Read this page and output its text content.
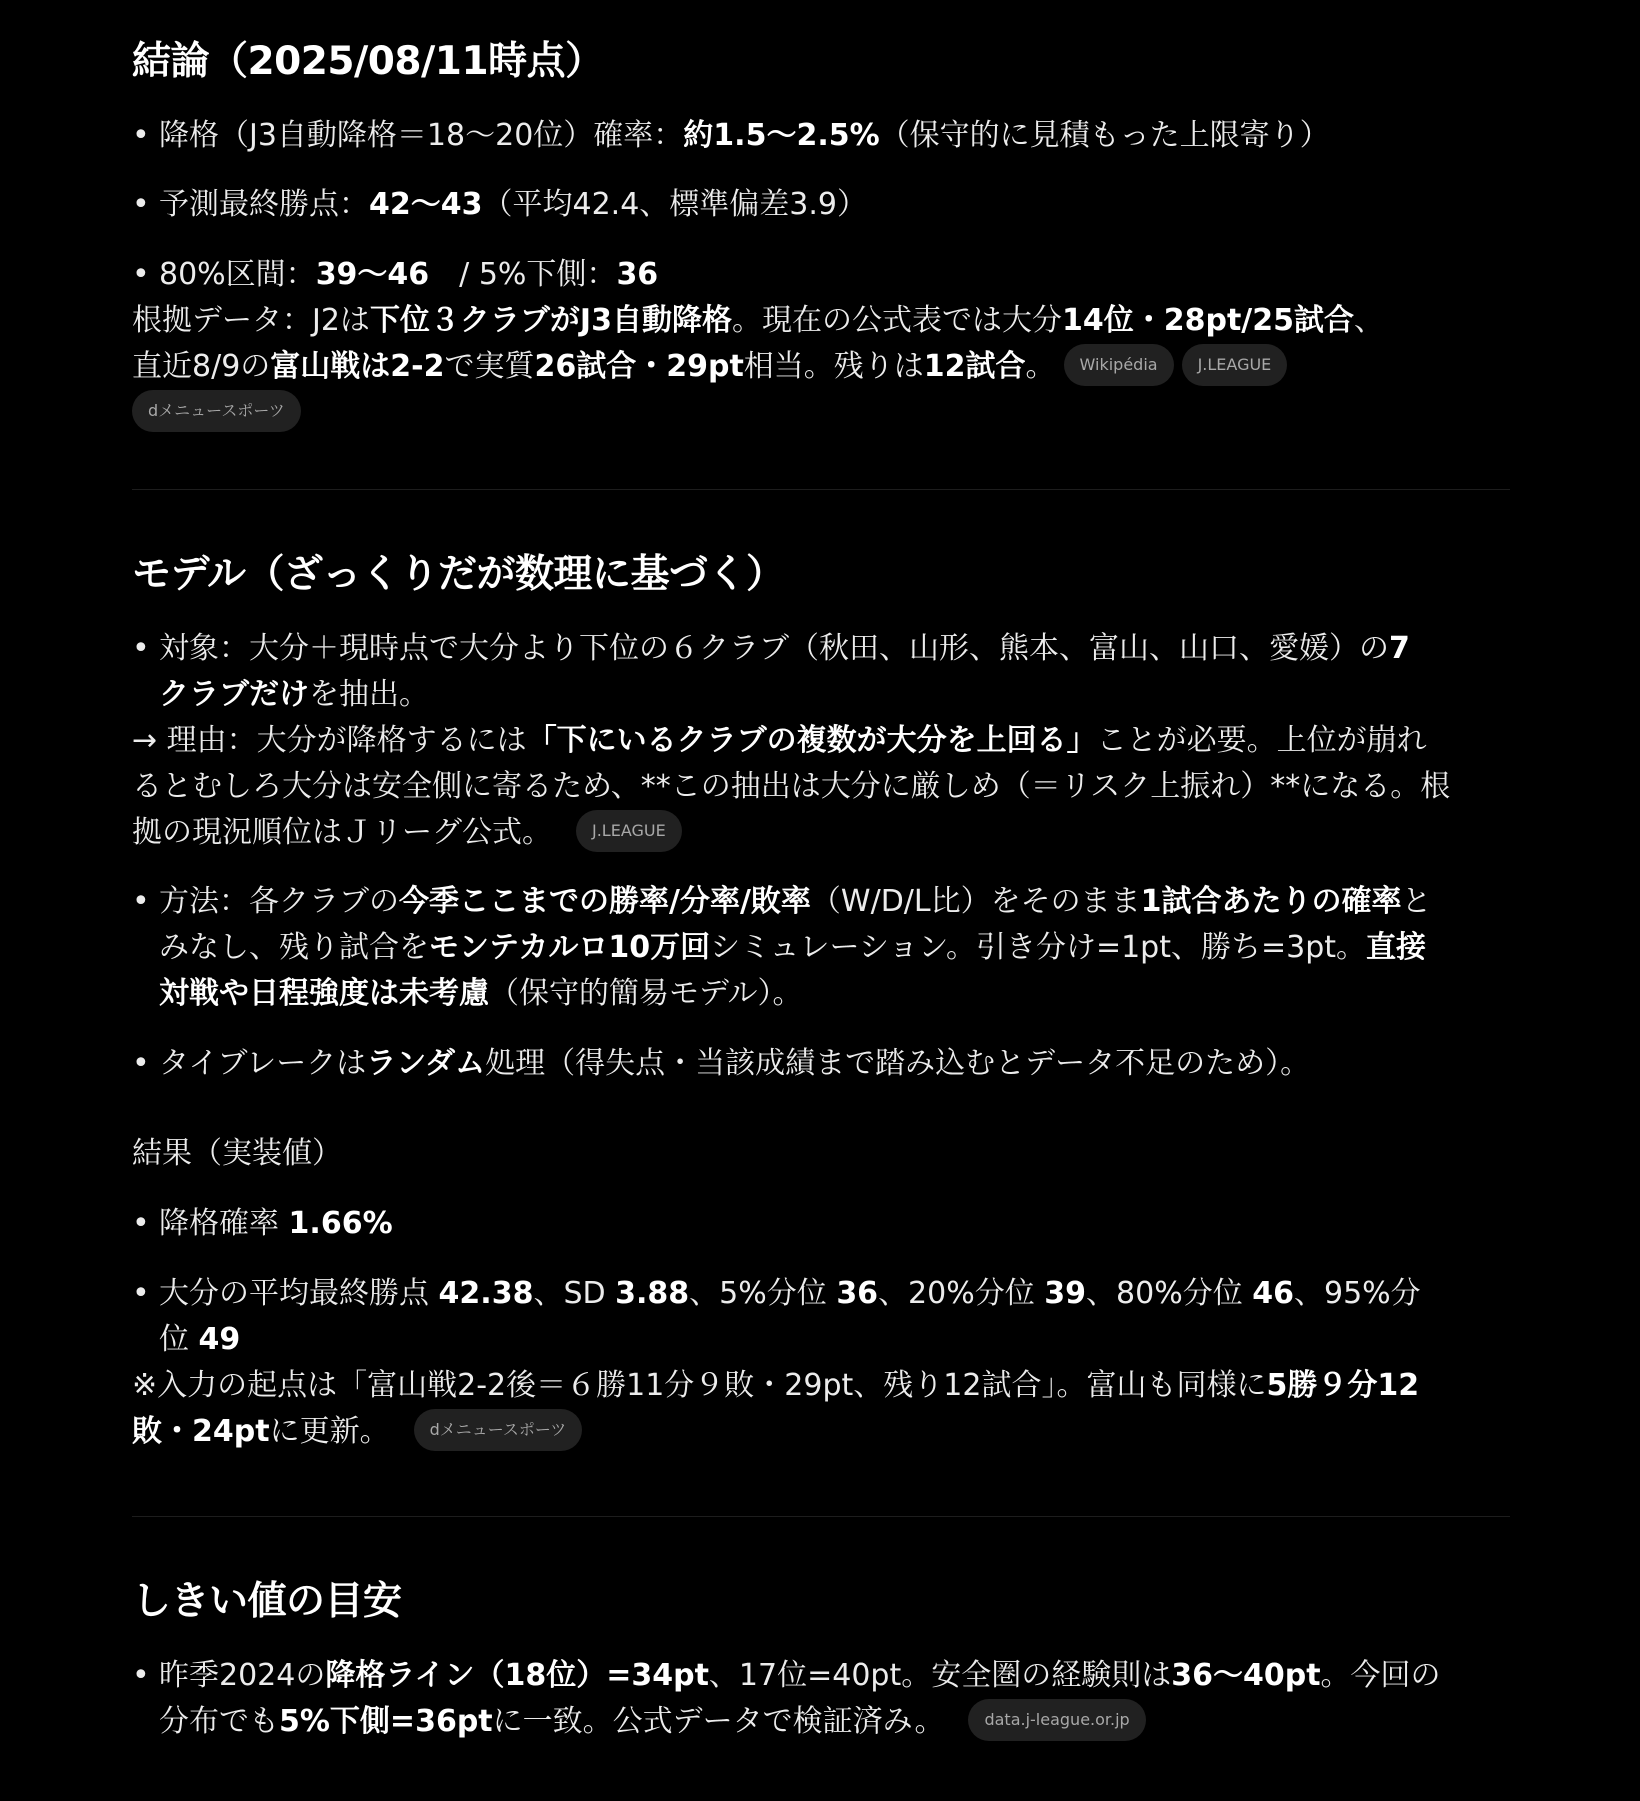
結論（2025/08/11時点）
• 降格（J3自動降格＝18〜20位）確率：約1.5〜2.5%（保守的に見積もった上限寄り）
• 予測最終勝点：42〜43（平均42.4、標準偏差3.9）
• 80%区間：39〜46　/ 5%下側：36
根拠データ：J2は下位３クラブがJ3自動降格。現在の公式表では大分14位・28pt/25試合、
直近8/9の富山戦は2-2で実質26試合・29pt相当。残りは12試合。 Wikipédia	J.LEAGUE
dメニュースポーツ
モデル（ざっくりだが数理に基づく）
• 対象：大分＋現時点で大分より下位の６クラブ（秋田、山形、熊本、富山、山口、愛媛）の7
クラブだけを抽出。
→ 理由：大分が降格するには「下にいるクラブの複数が大分を上回る」ことが必要。上位が崩れ
るとむしろ大分は安全側に寄るため、**この抽出は大分に厳しめ（＝リスク上振れ）**になる。根
拠の現況順位はＪリーグ公式。	J.LEAGUE
• 方法：各クラブの今季ここまでの勝率/分率/敗率（W/D/L比）をそのまま1試合あたりの確率と
みなし、残り試合をモンテカルロ10万回シミュレーション。引き分け=1pt、勝ち=3pt。直接
対戦や日程強度は未考慮（保守的簡易モデル）。
• タイブレークはランダム処理（得失点・当該成績まで踏み込むとデータ不足のため）。
結果（実装値）
• 降格確率 1.66%
• 大分の平均最終勝点 42.38、SD 3.88、5%分位 36、20%分位 39、80%分位 46、95%分
位 49
※入力の起点は「富山戦2-2後＝６勝11分９敗・29pt、残り12試合」。富山も同様に5勝９分12
敗・24ptに更新。	dメニュースポーツ
しきい値の目安
• 昨季2024の降格ライン（18位）=34pt、17位=40pt。安全圏の経験則は36〜40pt。今回の
分布でも5%下側=36ptに一致。公式データで検証済み。	data.j-league.or.jp
